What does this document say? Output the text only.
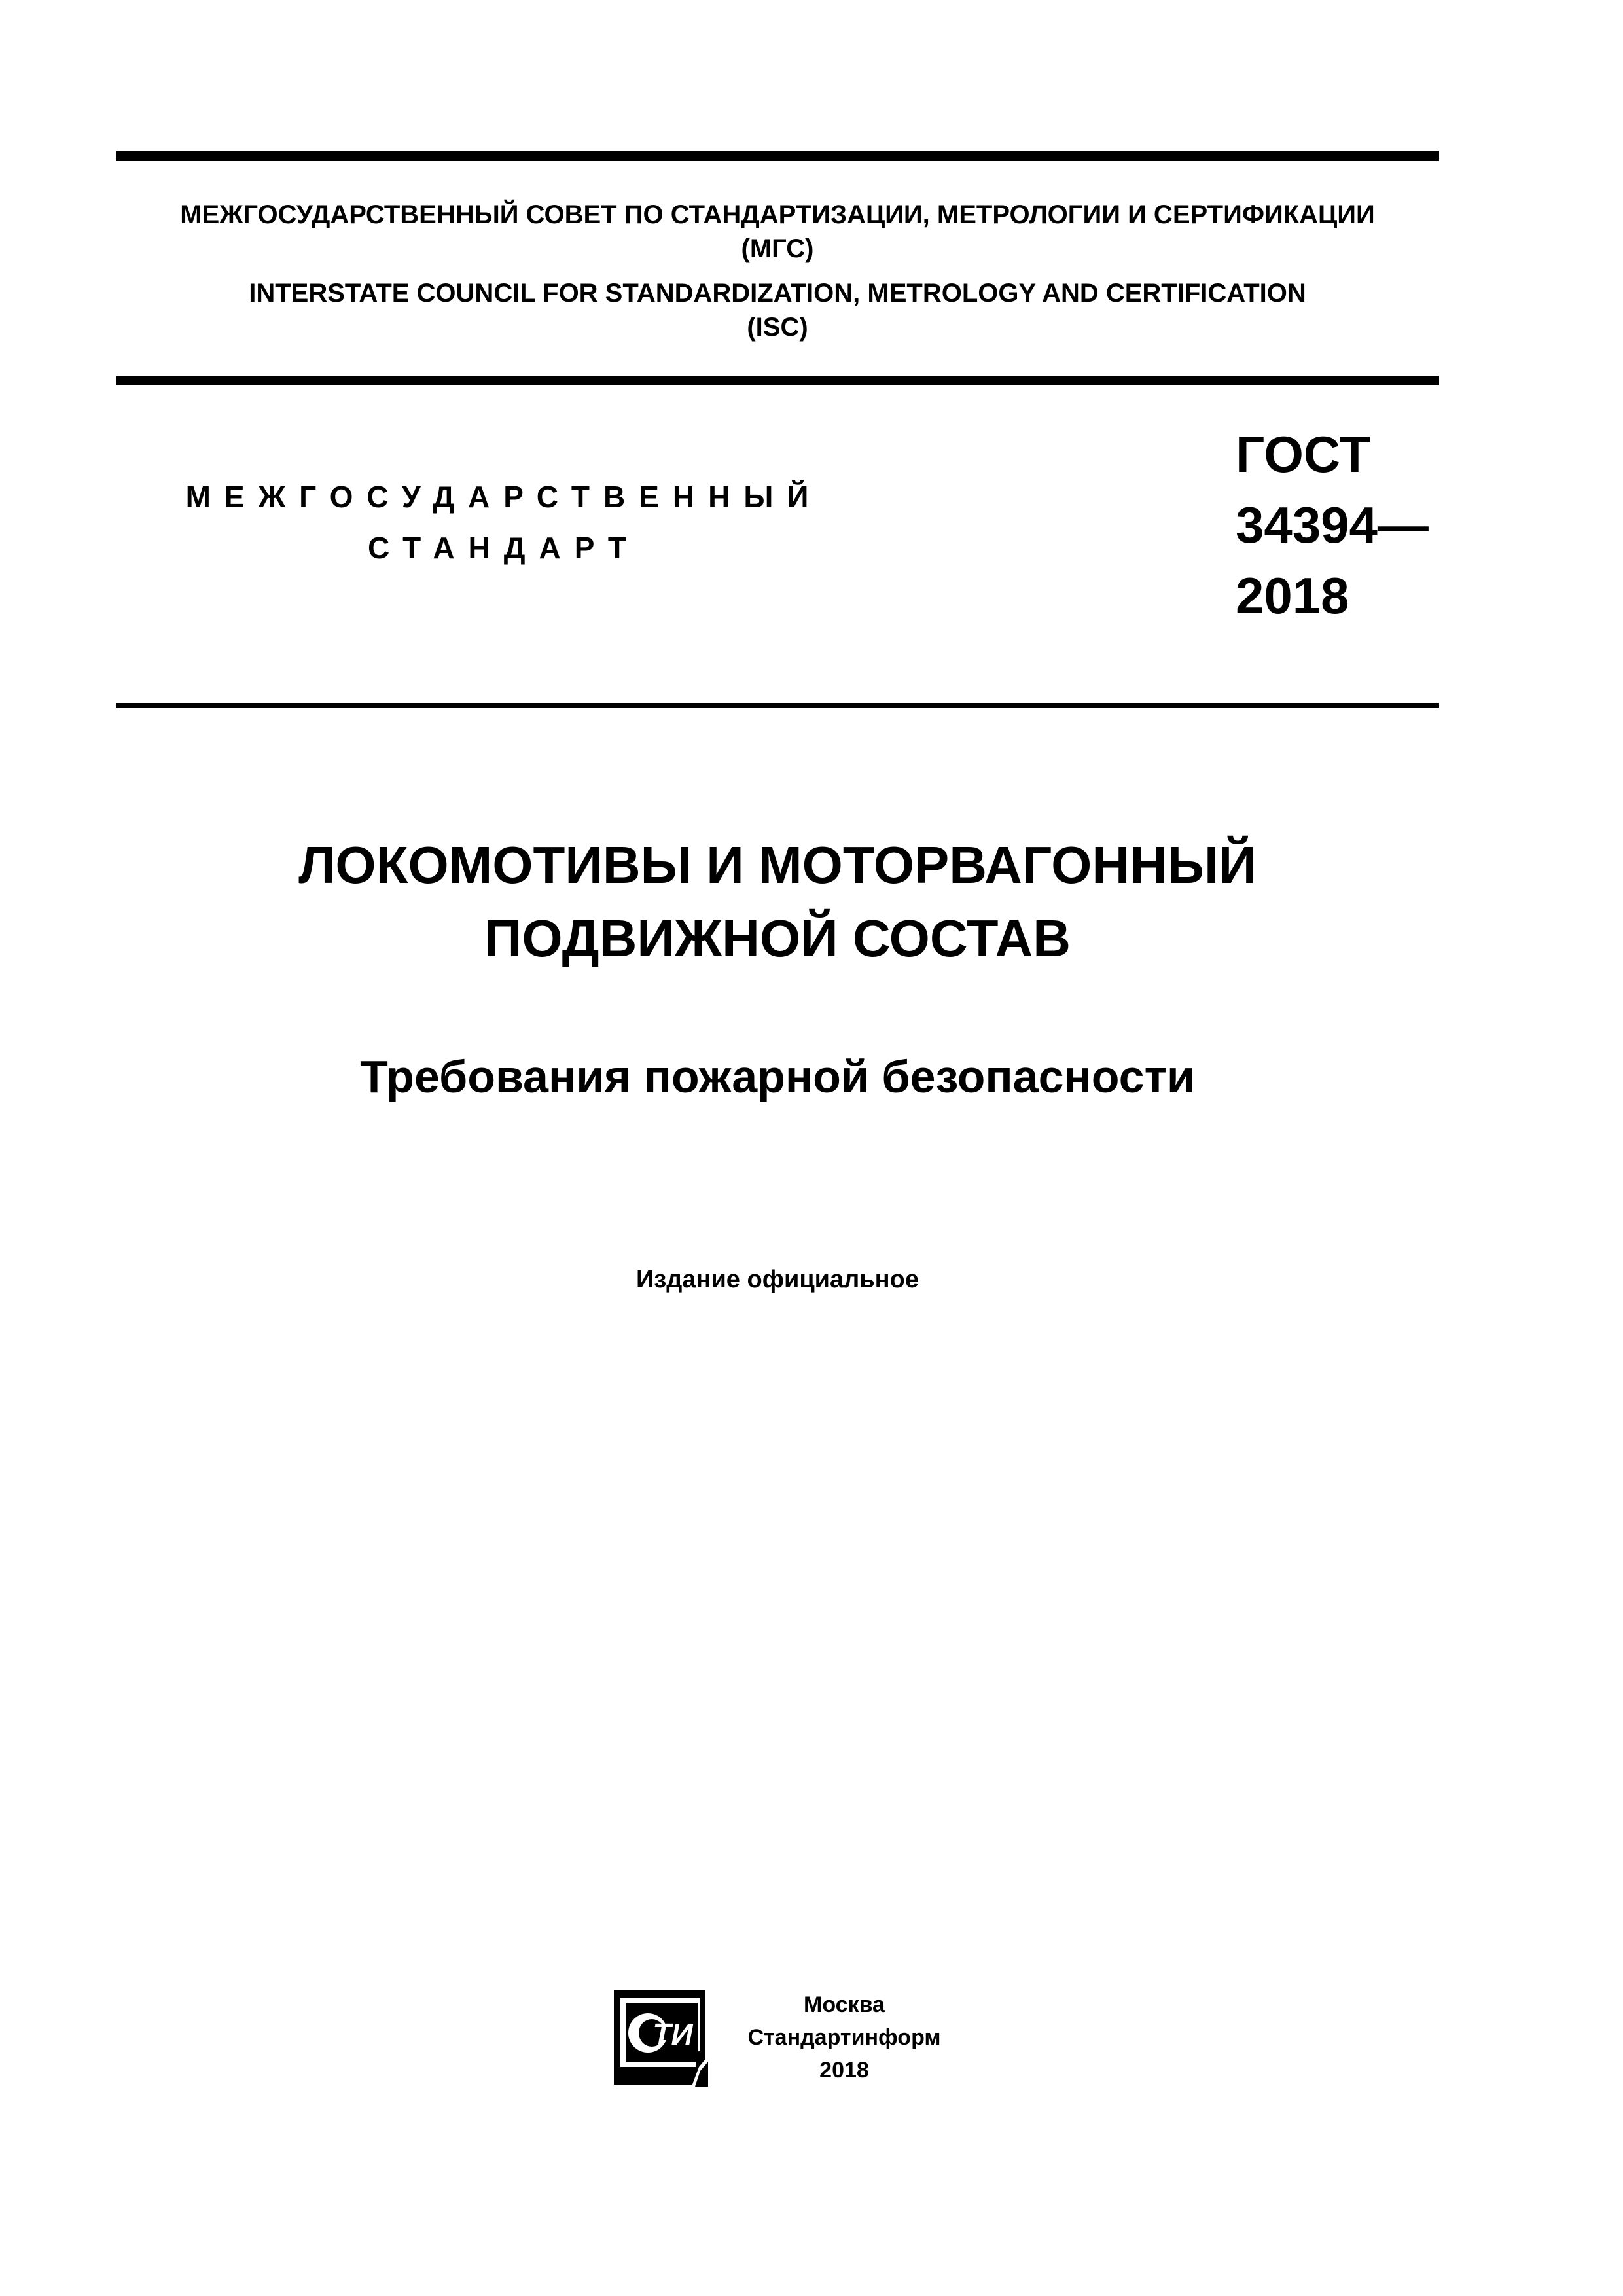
МЕЖГОСУДАРСТВЕННЫЙ СОВЕТ ПО СТАНДАРТИЗАЦИИ, МЕТРОЛОГИИ И СЕРТИФИКАЦИИ

(МГС)

INTERSTATE COUNCIL FOR STANDARDIZATION, METROLOGY AND CERTIFICATION

(ISC)

МЕЖГОСУДАРСТВЕННЫЙ

СТАНДАРТ

ГОСТ

34394—

2018

ЛОКОМОТИВЫ И МОТОРВАГОННЫЙ

ПОДВИЖНОЙ СОСТАВ

Требования пожарной безопасности
Издание официальное
ТИ

Москва

Стандартинформ

2018
